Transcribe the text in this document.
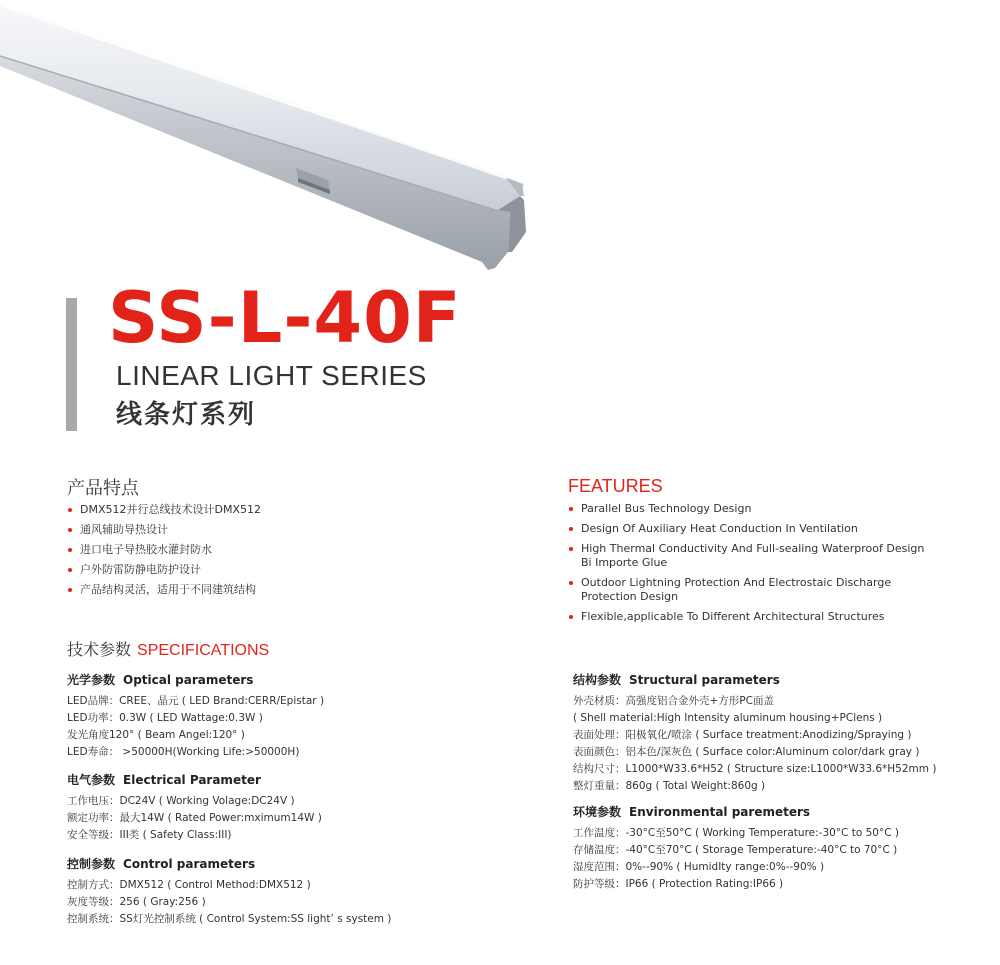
SS-L-40F
LINEAR LIGHT SERIES
线条灯系列
产品特点
DMX512并行总线技术设计DMX512
通风辅助导热设计
进口电子导热胶水灌封防水
户外防雷防静电防护设计
产品结构灵活，适用于不同建筑结构
FEATURES
Parallel Bus Technology Design
Design Of Auxiliary Heat Conduction In Ventilation
High Thermal Conductivity And Full-sealing Waterproof Design Bi Importe Glue
Outdoor Lightning Protection And Electrostaic Discharge Protection Design
Flexible,applicable To Different Architectural Structures
技术参数 SPECIFICATIONS
光学参数 Optical parameters
LED品牌：CREE、晶元 ( LED Brand:CERR/Epistar )
LED功率：0.3W ( LED Wattage:0.3W )
发光角度120° ( Beam Angel:120° )
LED寿命： >50000H(Working Life:>50000H)
电气参数 Electrical Parameter
工作电压：DC24V ( Working Volage:DC24V )
额定功率：最大14W ( Rated Power:mximum14W )
安全等级：III类 ( Safety Class:III)
控制参数 Control parameters
控制方式：DMX512 ( Control Method:DMX512 )
灰度等级：256 ( Gray:256 )
控制系统：SS灯光控制系统 ( Control System:SS light’ s system )
结构参数 Structural parameters
外壳材质：高强度铝合金外壳+方形PC面盖
( Shell material:High Intensity aluminum housing+PClens )
表面处理：阳极氧化/喷涂 ( Surface treatment:Anodizing/Spraying )
表面颜色：铝本色/深灰色 ( Surface color:Aluminum color/dark gray )
结构尺寸：L1000*W33.6*H52 ( Structure size:L1000*W33.6*H52mm )
整灯重量：860g ( Total Weight:860g )
环境参数 Environmental paremeters
工作温度：-30°C至50°C ( Working Temperature:-30°C to 50°C )
存储温度：-40°C至70°C ( Storage Temperature:-40°C to 70°C )
湿度范围：0%--90% ( HumidIty range:0%--90% )
防护等级：IP66 ( Protection Rating:IP66 )
